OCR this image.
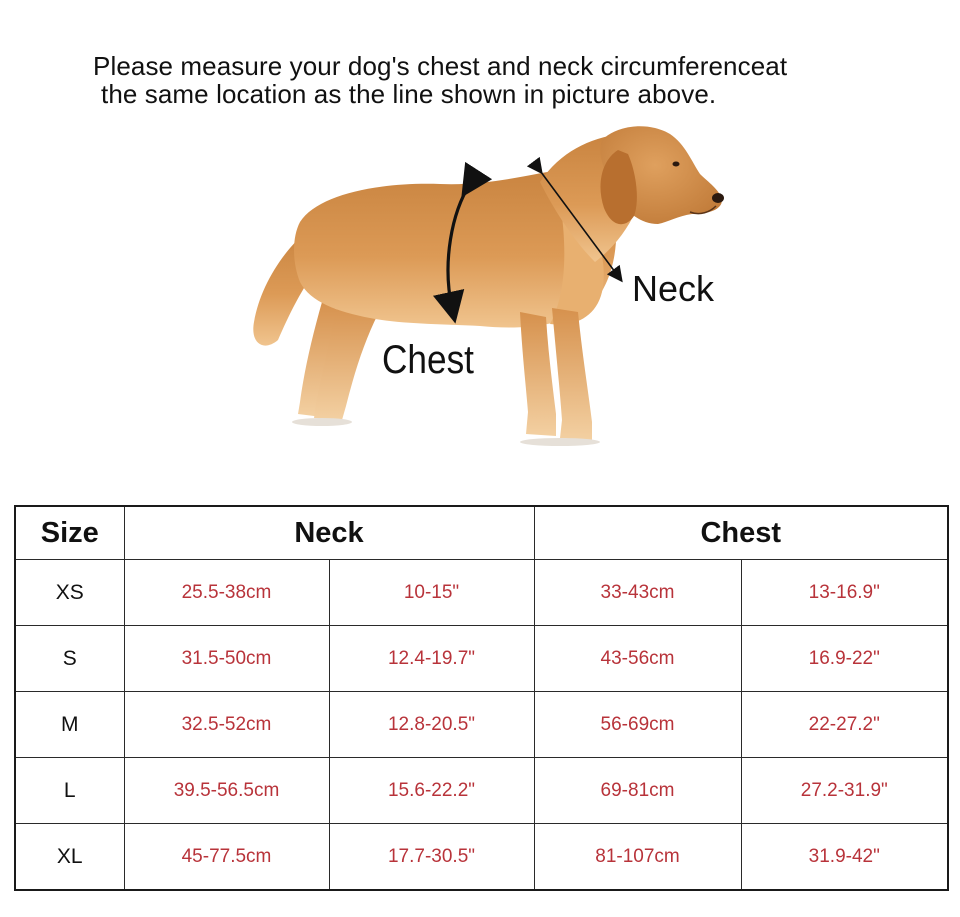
Please measure your dog's chest and neck circumferenceat
the same location as the line shown in picture above.
Neck
Chest
Size	Neck		Chest	
XS	25.5-38cm	10-15"	33-43cm	13-16.9"
S	31.5-50cm	12.4-19.7"	43-56cm	16.9-22"
M	32.5-52cm	12.8-20.5"	56-69cm	22-27.2"
L	39.5-56.5cm	15.6-22.2"	69-81cm	27.2-31.9"
XL	45-77.5cm	17.7-30.5"	81-107cm	31.9-42"
